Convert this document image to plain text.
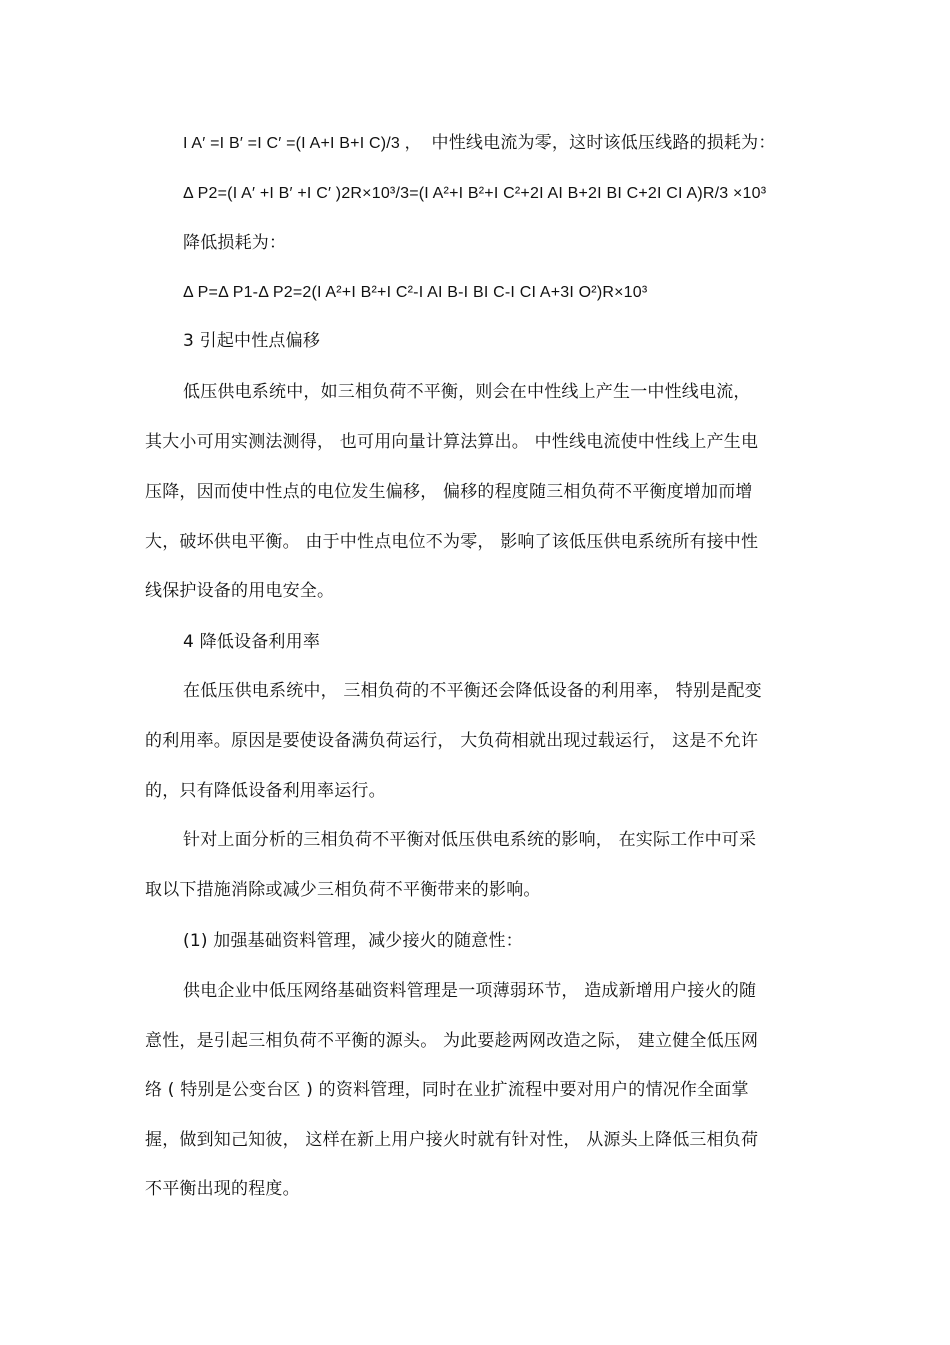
I A′ =I B′ =I C′ =(I A+I B+I C)/3 ， 中性线电流为零，这时该低压线路的损耗为：
Δ P2=(I A′ +I B′ +I C′ )2R×10³/3=(I A²+I B²+I C²+2I AI B+2I BI C+2I CI A)R/3 ×10³
降低损耗为：
Δ P=Δ P1-Δ P2=2(I A²+I B²+I C²-I AI B-I BI C-I CI A+3I O²)R×10³
3 引起中性点偏移
低压供电系统中，如三相负荷不平衡，则会在中性线上产生一中性线电流，
其大小可用实测法测得， 也可用向量计算法算出。 中性线电流使中性线上产生电
压降，因而使中性点的电位发生偏移， 偏移的程度随三相负荷不平衡度增加而增
大，破坏供电平衡。 由于中性点电位不为零， 影响了该低压供电系统所有接中性
线保护设备的用电安全。
4 降低设备利用率
在低压供电系统中， 三相负荷的不平衡还会降低设备的利用率， 特别是配变
的利用率。原因是要使设备满负荷运行， 大负荷相就出现过载运行， 这是不允许
的，只有降低设备利用率运行。
针对上面分析的三相负荷不平衡对低压供电系统的影响， 在实际工作中可采
取以下措施消除或减少三相负荷不平衡带来的影响。
(1) 加强基础资料管理，减少接火的随意性：
供电企业中低压网络基础资料管理是一项薄弱环节， 造成新增用户接火的随
意性，是引起三相负荷不平衡的源头。 为此要趁两网改造之际， 建立健全低压网
络 ( 特别是公变台区 ) 的资料管理，同时在业扩流程中要对用户的情况作全面掌
握，做到知己知彼， 这样在新上用户接火时就有针对性， 从源头上降低三相负荷
不平衡出现的程度。
